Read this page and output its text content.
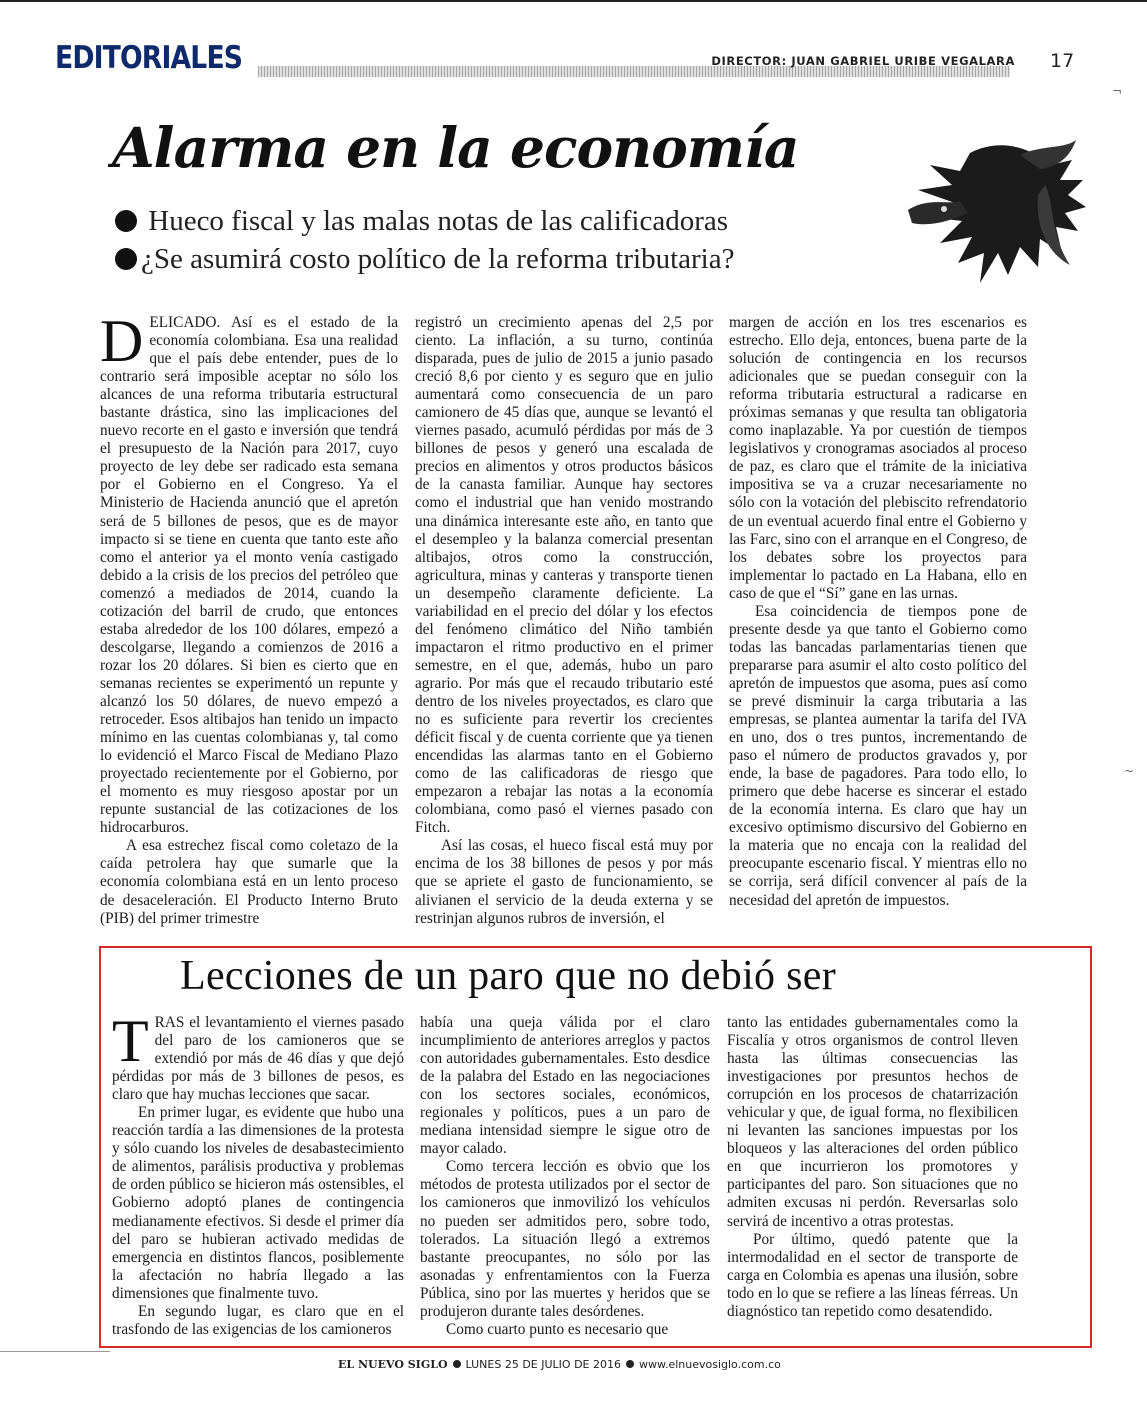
EDITORIALES	DIRECTOR: JUAN GABRIEL URIBE VEGALARA 17
Alarma en la economía
Hueco fiscal y las malas notas de las calificadoras
¿Se asumirá costo político de la reforma tributaria?

DELICADO. Así es el estado de la economía colombiana. Esa una realidad que el país debe entender, pues de lo contrario será imposible aceptar no sólo los alcances de una reforma tributaria estructural bastante drástica, sino las implicaciones del nuevo recorte en el gasto e inversión que tendrá el presupuesto de la Nación para 2017, cuyo proyecto de ley debe ser radicado esta semana por el Gobierno en el Congreso. Ya el Ministerio de Hacienda anunció que el apretón será de 5 billones de pesos, que es de mayor impacto si se tiene en cuenta que tanto este año como el anterior ya el monto venía castigado debido a la crisis de los precios del petróleo que comenzó a mediados de 2014, cuando la cotización del barril de crudo, que entonces estaba alrededor de los 100 dólares, empezó a descolgarse, llegando a comienzos de 2016 a rozar los 20 dólares. Si bien es cierto que en semanas recientes se experimentó un repunte y alcanzó los 50 dólares, de nuevo empezó a retroceder. Esos altibajos han tenido un impacto mínimo en las cuentas colombianas y, tal como lo evidenció el Marco Fiscal de Mediano Plazo proyectado recientemente por el Gobierno, por el momento es muy riesgoso apostar por un repunte sustancial de las cotizaciones de los hidrocarburos.

A esa estrechez fiscal como coletazo de la caída petrolera hay que sumarle que la economía colombiana está en un lento proceso de desaceleración. El Producto Interno Bruto (PIB) del primer trimestre

registró un crecimiento apenas del 2,5 por ciento. La inflación, a su turno, continúa disparada, pues de julio de 2015 a junio pasado creció 8,6 por ciento y es seguro que en julio aumentará como consecuencia de un paro camionero de 45 días que, aunque se levantó el viernes pasado, acumuló pérdidas por más de 3 billones de pesos y generó una escalada de precios en alimentos y otros productos básicos de la canasta familiar. Aunque hay sectores como el industrial que han venido mostrando una dinámica interesante este año, en tanto que el desempleo y la balanza comercial presentan altibajos, otros como la construcción, agricultura, minas y canteras y transporte tienen un desempeño claramente deficiente. La variabilidad en el precio del dólar y los efectos del fenómeno climático del Niño también impactaron el ritmo productivo en el primer semestre, en el que, además, hubo un paro agrario. Por más que el recaudo tributario esté dentro de los niveles proyectados, es claro que no es suficiente para revertir los crecientes déficit fiscal y de cuenta corriente que ya tienen encendidas las alarmas tanto en el Gobierno como de las calificadoras de riesgo que empezaron a rebajar las notas a la economía colombiana, como pasó el viernes pasado con Fitch.

Así las cosas, el hueco fiscal está muy por encima de los 38 billones de pesos y por más que se apriete el gasto de funcionamiento, se alivianen el servicio de la deuda externa y se restrinjan algunos rubros de inversión, el

margen de acción en los tres escenarios es estrecho. Ello deja, entonces, buena parte de la solución de contingencia en los recursos adicionales que se puedan conseguir con la reforma tributaria estructural a radicarse en próximas semanas y que resulta tan obligatoria como inaplazable. Ya por cuestión de tiempos legislativos y cronogramas asociados al proceso de paz, es claro que el trámite de la iniciativa impositiva se va a cruzar necesariamente no sólo con la votación del plebiscito refrendatorio de un eventual acuerdo final entre el Gobierno y las Farc, sino con el arranque en el Congreso, de los debates sobre los proyectos para implementar lo pactado en La Habana, ello en caso de que el “Sí” gane en las urnas.

Esa coincidencia de tiempos pone de presente desde ya que tanto el Gobierno como todas las bancadas parlamentarias tienen que prepararse para asumir el alto costo político del apretón de impuestos que asoma, pues así como se prevé disminuir la carga tributaria a las empresas, se plantea aumentar la tarifa del IVA en uno, dos o tres puntos, incrementando de paso el número de productos gravados y, por ende, la base de pagadores. Para todo ello, lo primero que debe hacerse es sincerar el estado de la economía interna. Es claro que hay un excesivo optimismo discursivo del Gobierno en la materia que no encaja con la realidad del preocupante escenario fiscal. Y mientras ello no se corrija, será difícil convencer al país de la necesidad del apretón de impuestos.

Lecciones de un paro que no debió ser

TRAS el levantamiento el viernes pasado del paro de los camioneros que se extendió por más de 46 días y que dejó pérdidas por más de 3 billones de pesos, es claro que hay muchas lecciones que sacar.

En primer lugar, es evidente que hubo una reacción tardía a las dimensiones de la protesta y sólo cuando los niveles de desabastecimiento de alimentos, parálisis productiva y problemas de orden público se hicieron más ostensibles, el Gobierno adoptó planes de contingencia medianamente efectivos. Si desde el primer día del paro se hubieran activado medidas de emergencia en distintos flancos, posiblemente la afectación no habría llegado a las dimensiones que finalmente tuvo.

En segundo lugar, es claro que en el trasfondo de las exigencias de los camioneros

había una queja válida por el claro incumplimiento de anteriores arreglos y pactos con autoridades gubernamentales. Esto desdice de la palabra del Estado en las negociaciones con los sectores sociales, económicos, regionales y políticos, pues a un paro de mediana intensidad siempre le sigue otro de mayor calado.

Como tercera lección es obvio que los métodos de protesta utilizados por el sector de los camioneros que inmovilizó los vehículos no pueden ser admitidos pero, sobre todo, tolerados. La situación llegó a extremos bastante preocupantes, no sólo por las asonadas y enfrentamientos con la Fuerza Pública, sino por las muertes y heridos que se produjeron durante tales desórdenes.

Como cuarto punto es necesario que

tanto las entidades gubernamentales como la Fiscalía y otros organismos de control lleven hasta las últimas consecuencias las investigaciones por presuntos hechos de corrupción en los procesos de chatarrización vehicular y que, de igual forma, no flexibilicen ni levanten las sanciones impuestas por los bloqueos y las alteraciones del orden público en que incurrieron los promotores y participantes del paro. Son situaciones que no admiten excusas ni perdón. Reversarlas solo servirá de incentivo a otras protestas.

Por último, quedó patente que la intermodalidad en el sector de transporte de carga en Colombia es apenas una ilusión, sobre todo en lo que se refiere a las líneas férreas. Un diagnóstico tan repetido como desatendido.

EL NUEVO SIGLO LUNES 25 DE JULIO DE 2016 www.elnuevosiglo.com.co
¬
~
